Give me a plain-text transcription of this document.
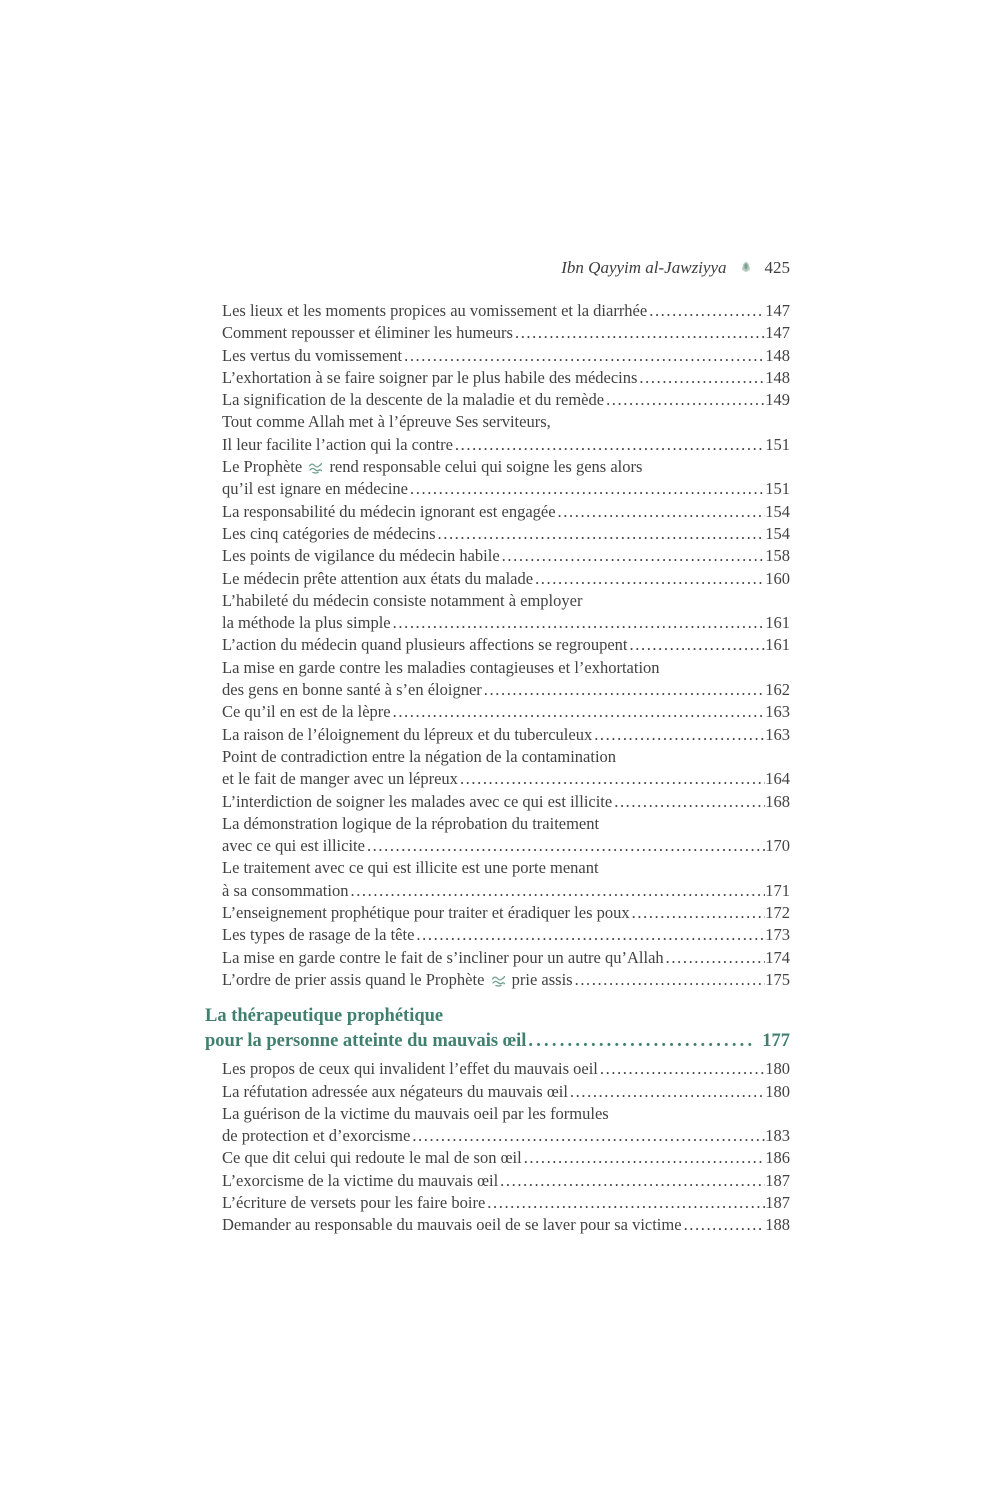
Ibn Qayyim al-Jawziyya 425
Les lieux et les moments propices au vomissement et la diarrhée .....	147
Comment repousser et éliminer les humeurs .....	147
Les vertus du vomissement .....	148
L’exhortation à se faire soigner par le plus habile des médecins .....	148
La signification de la descente de la maladie et du remède .....	149
Tout comme Allah met à l’épreuve Ses serviteurs,
Il leur facilite l’action qui la contre .....	151
Le Prophète  rend responsable celui qui soigne les gens alors
qu’il est ignare en médecine .....	151
La responsabilité du médecin ignorant est engagée .....	154
Les cinq catégories de médecins .....	154
Les points de vigilance du médecin habile .....	158
Le médecin prête attention aux états du malade .....	160
L’habileté du médecin consiste notamment à employer
la méthode la plus simple .....	161
L’action du médecin quand plusieurs affections se regroupent .....	161
La mise en garde contre les maladies contagieuses et l’exhortation
des gens en bonne santé à s’en éloigner .....	162
Ce qu’il en est de la lèpre .....	163
La raison de l’éloignement du lépreux et du tuberculeux .....	163
Point de contradiction entre la négation de la contamination
et le fait de manger avec un lépreux .....	164
L’interdiction de soigner les malades avec ce qui est illicite .....	168
La démonstration logique de la réprobation du traitement
avec ce qui est illicite .....	170
Le traitement avec ce qui est illicite est une porte menant
à sa consommation .....	171
L’enseignement prophétique pour traiter et éradiquer les poux .....	172
Les types de rasage de la tête .....	173
La mise en garde contre le fait de s’incliner pour un autre qu’Allah .....	174
L’ordre de prier assis quand le Prophète  prie assis .....	175
La thérapeutique prophétique
pour la personne atteinte du mauvais œil .....	177
Les propos de ceux qui invalident l’effet du mauvais oeil .....	180
La réfutation adressée aux négateurs du mauvais œil .....	180
La guérison de la victime du mauvais oeil par les formules
de protection et d’exorcisme .....	183
Ce que dit celui qui redoute le mal de son œil .....	186
L’exorcisme de la victime du mauvais œil .....	187
L’écriture de versets pour les faire boire .....	187
Demander au responsable du mauvais oeil de se laver pour sa victime .....	188
